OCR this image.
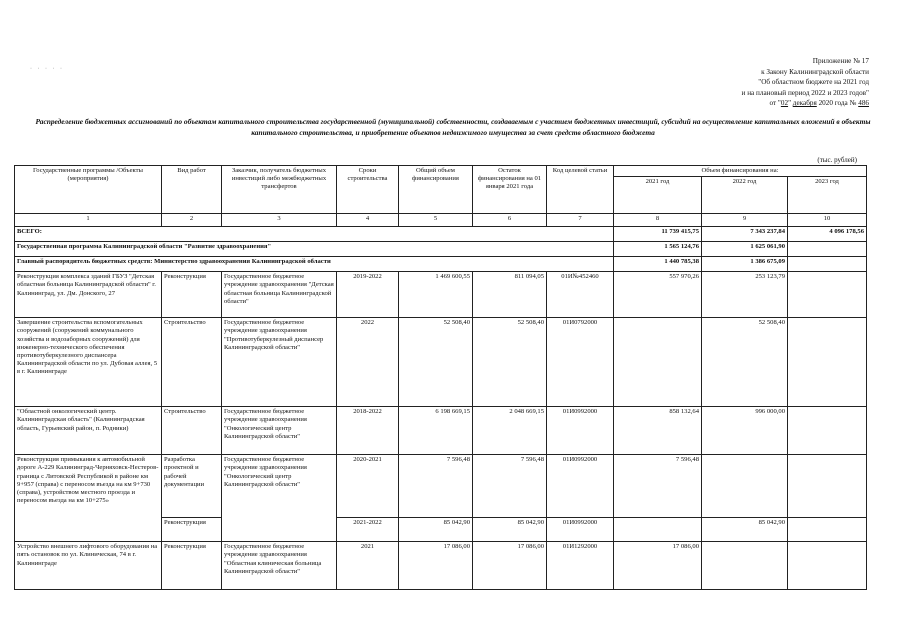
· · · · ·
Приложение № 17
к Закону Калининградской области
"Об областном бюджете на 2021 год
и на плановый период 2022 и 2023 годов"
от "02" декабря 2020 года № 486
Распределение бюджетных ассигнований по объектам капитального строительства государственной (муниципальной) собственности, создаваемым с участием бюджетных инвестиций, субсидий на осуществление капитальных вложений в объекты капитального строительства, и приобретение объектов недвижимого имущества за счет средств областного бюджета
(тыс. рублей)
Государственные программы /Объекты (мероприятия)	Вид работ	Заказчик, получатель бюджетных инвестиций либо межбюджетных трансфертов	Сроки строительства	Общий объем финансирования	Остаток финансирования на 01 января 2021 года	Код целевой статьи	Объем финансирования на:		
							2021 год	2022 год	2023 год
1	2	3	4	5	6	7	8	9	10
ВСЕГО:							11 739 415,75	7 343 237,84	4 096 178,56
Государственная программа Калининградской области "Развитие здравоохранения"							1 565 124,76	1 625 061,90	
Главный распорядитель бюджетных средств: Министерство здравоохранения Калининградской области							1 440 785,38	1 386 675,09	
Реконструкция комплекса зданий ГБУЗ "Детская областная больница Калининградской области" г. Калининград, ул. Дм. Донского, 27	Реконструкция	Государственное бюджетное учреждение здравоохранения "Детская областная больница Калининградской области"	2019-2022	1 469 600,55	811 094,05	01И№452460	557 970,26	253 123,79	
Завершение строительства вспомогательных сооружений (сооружений коммунального хозяйства и водозаборных сооружений) для инженерно-технического обеспечения противотуберкулезного диспансера Калининградской области по ул. Дубовая аллея, 5 в г. Калининграде	Строительство	Государственное бюджетное учреждение здравоохранения "Противотуберкулезный диспансер Калининградской области"	2022	52 508,40	52 508,40	01И0792000		52 508,40	
"Областной онкологический центр. Калининградская область" (Калининградская область, Гурьевский район, п. Родники)	Строительство	Государственное бюджетное учреждение здравоохранения "Онкологический центр Калининградской области"	2018-2022	6 198 669,15	2 048 669,15	01И0992000	858 132,64	996 000,00	
Реконструкция примыкания к автомобильной дороге А-229 Калининград-Черняховск-Нестеров-граница с Литовской Республикой в районе км 9+957 (справа) с переносом въезда на км 9+730 (справа), устройством местного проезда и переносом въезда на км 10+275»	Разработка проектной и рабочей документации	Государственное бюджетное учреждение здравоохранения "Онкологический центр Калининградской области"	2020-2021	7 596,48	7 596,48	01И0992000	7 596,48		
	Реконструкция		2021-2022	85 042,90	85 042,90	01И0992000		85 042,90	
Устройство внешнего лифтового оборудования на пять остановок по ул. Клиническая, 74 в г. Калининграде	Реконструкция	Государственное бюджетное учреждение здравоохранения "Областная клиническая больница Калининградской области"	2021	17 086,00	17 086,00	01И1292000	17 086,00		
